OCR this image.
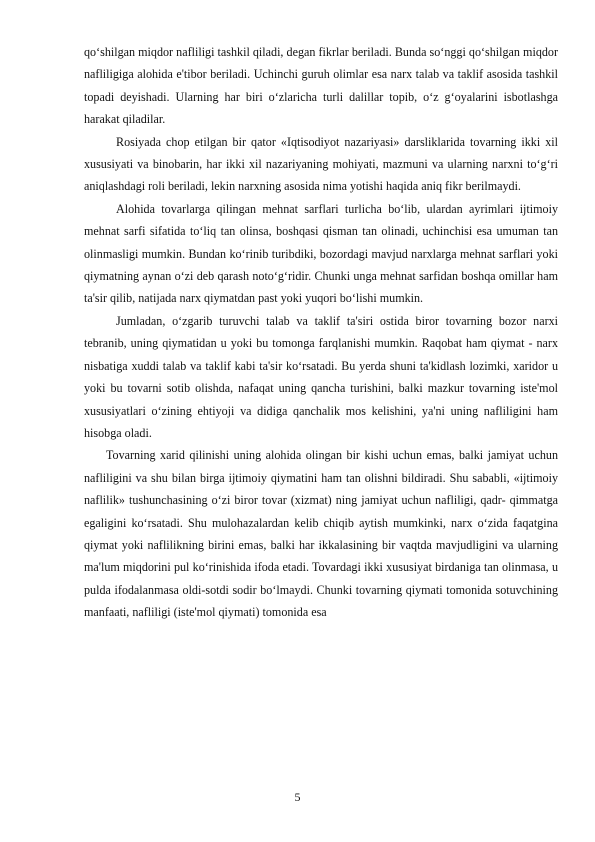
qo‘shilgan miqdor nafliligi tashkil qiladi, degan fikrlar beriladi. Bunda so‘nggi qo‘shilgan miqdor nafliligiga alohida e'tibor beriladi. Uchinchi guruh olimlar esa narx talab va taklif asosida tashkil topadi deyishadi. Ularning har biri o‘zlaricha turli dalillar topib, o‘z g‘oyalarini isbotlashga harakat qiladilar.

Rosiyada chop etilgan bir qator «Iqtisodiyot nazariyasi» darsliklarida tovarning ikki xil xususiyati va binobarin, har ikki xil nazariyaning mohiyati, mazmuni va ularning narxni to‘g‘ri aniqlashdagi roli beriladi, lekin narxning asosida nima yotishi haqida aniq fikr berilmaydi.

Alohida tovarlarga qilingan mehnat sarflari turlicha bo‘lib, ulardan ayrimlari ijtimoiy mehnat sarfi sifatida to‘liq tan olinsa, boshqasi qisman tan olinadi, uchinchisi esa umuman tan olinmasligi mumkin. Bundan ko‘rinib turibdiki, bozordagi mavjud narxlarga mehnat sarflari yoki qiymatning aynan o‘zi deb qarash noto‘g‘ridir. Chunki unga mehnat sarfidan boshqa omillar ham ta'sir qilib, natijada narx qiymatdan past yoki yuqori bo‘lishi mumkin.

Jumladan, o‘zgarib turuvchi talab va taklif ta'siri ostida biror tovarning bozor narxi tebranib, uning qiymatidan u yoki bu tomonga farqlanishi mumkin. Raqobat ham qiymat - narx nisbatiga xuddi talab va taklif kabi ta'sir ko‘rsatadi. Bu yerda shuni ta'kidlash lozimki, xaridor u yoki bu tovarni sotib olishda, nafaqat uning qancha turishini, balki mazkur tovarning iste'mol xususiyatlari o‘zining ehtiyoji va didiga qanchalik mos kelishini, ya'ni uning nafliligini ham hisobga oladi.

Tovarning xarid qilinishi uning alohida olingan bir kishi uchun emas, balki jamiyat uchun nafliligini va shu bilan birga ijtimoiy qiymatini ham tan olishni bildiradi. Shu sababli, «ijtimoiy naflilik» tushunchasining o‘zi biror tovar (xizmat) ning jamiyat uchun nafliligi, qadr- qimmatga egaligini ko‘rsatadi. Shu mulohazalardan kelib chiqib aytish mumkinki, narx o‘zida faqatgina qiymat yoki naflilikning birini emas, balki har ikkalasining bir vaqtda mavjudligini va ularning ma'lum miqdorini pul ko‘rinishida ifoda etadi. Tovardagi ikki xususiyat birdaniga tan olinmasa, u pulda ifodalanmasa oldi-sotdi sodir bo‘lmaydi. Chunki tovarning qiymati tomonida sotuvchining manfaati, nafliligi (iste'mol qiymati) tomonida esa

5
